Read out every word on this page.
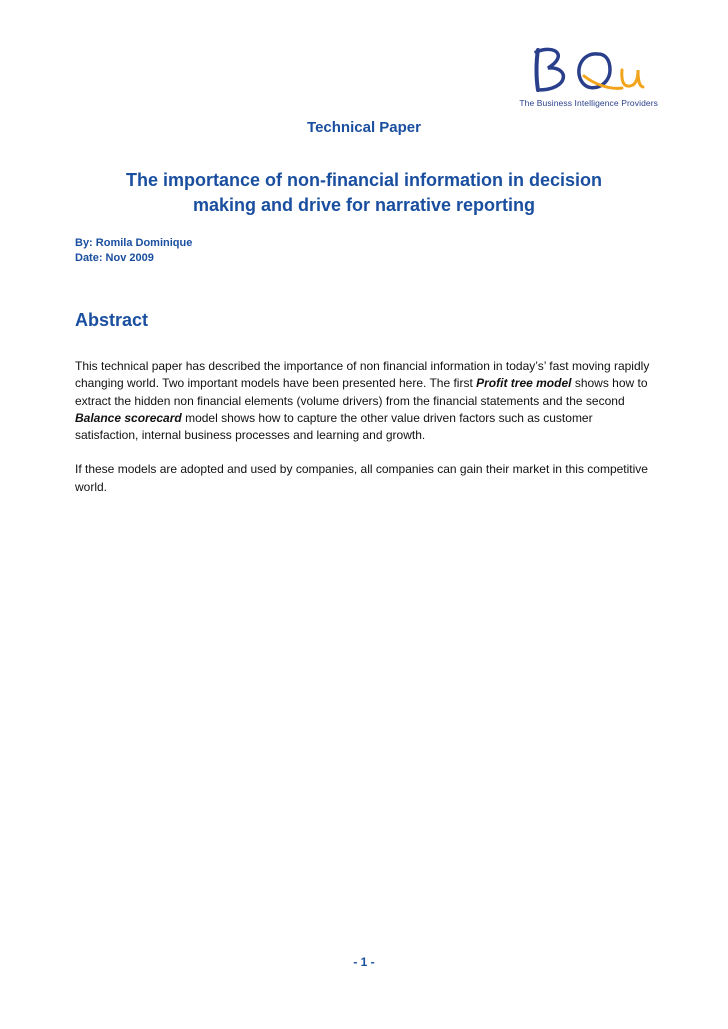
The Business Intelligence Providers
Technical Paper
The importance of non-financial information in decision
making and drive for narrative reporting
By: Romila Dominique
Date: Nov 2009
Abstract

This technical paper has described the importance of non financial information in today’s’ fast moving rapidly changing world. Two important models have been presented here. The first Profit tree model shows how to extract the hidden non financial elements (volume drivers) from the financial statements and the second Balance scorecard model shows how to capture the other value driven factors such as customer satisfaction, internal business processes and learning and growth.

If these models are adopted and used by companies, all companies can gain their market in this competitive world.

- 1 -
